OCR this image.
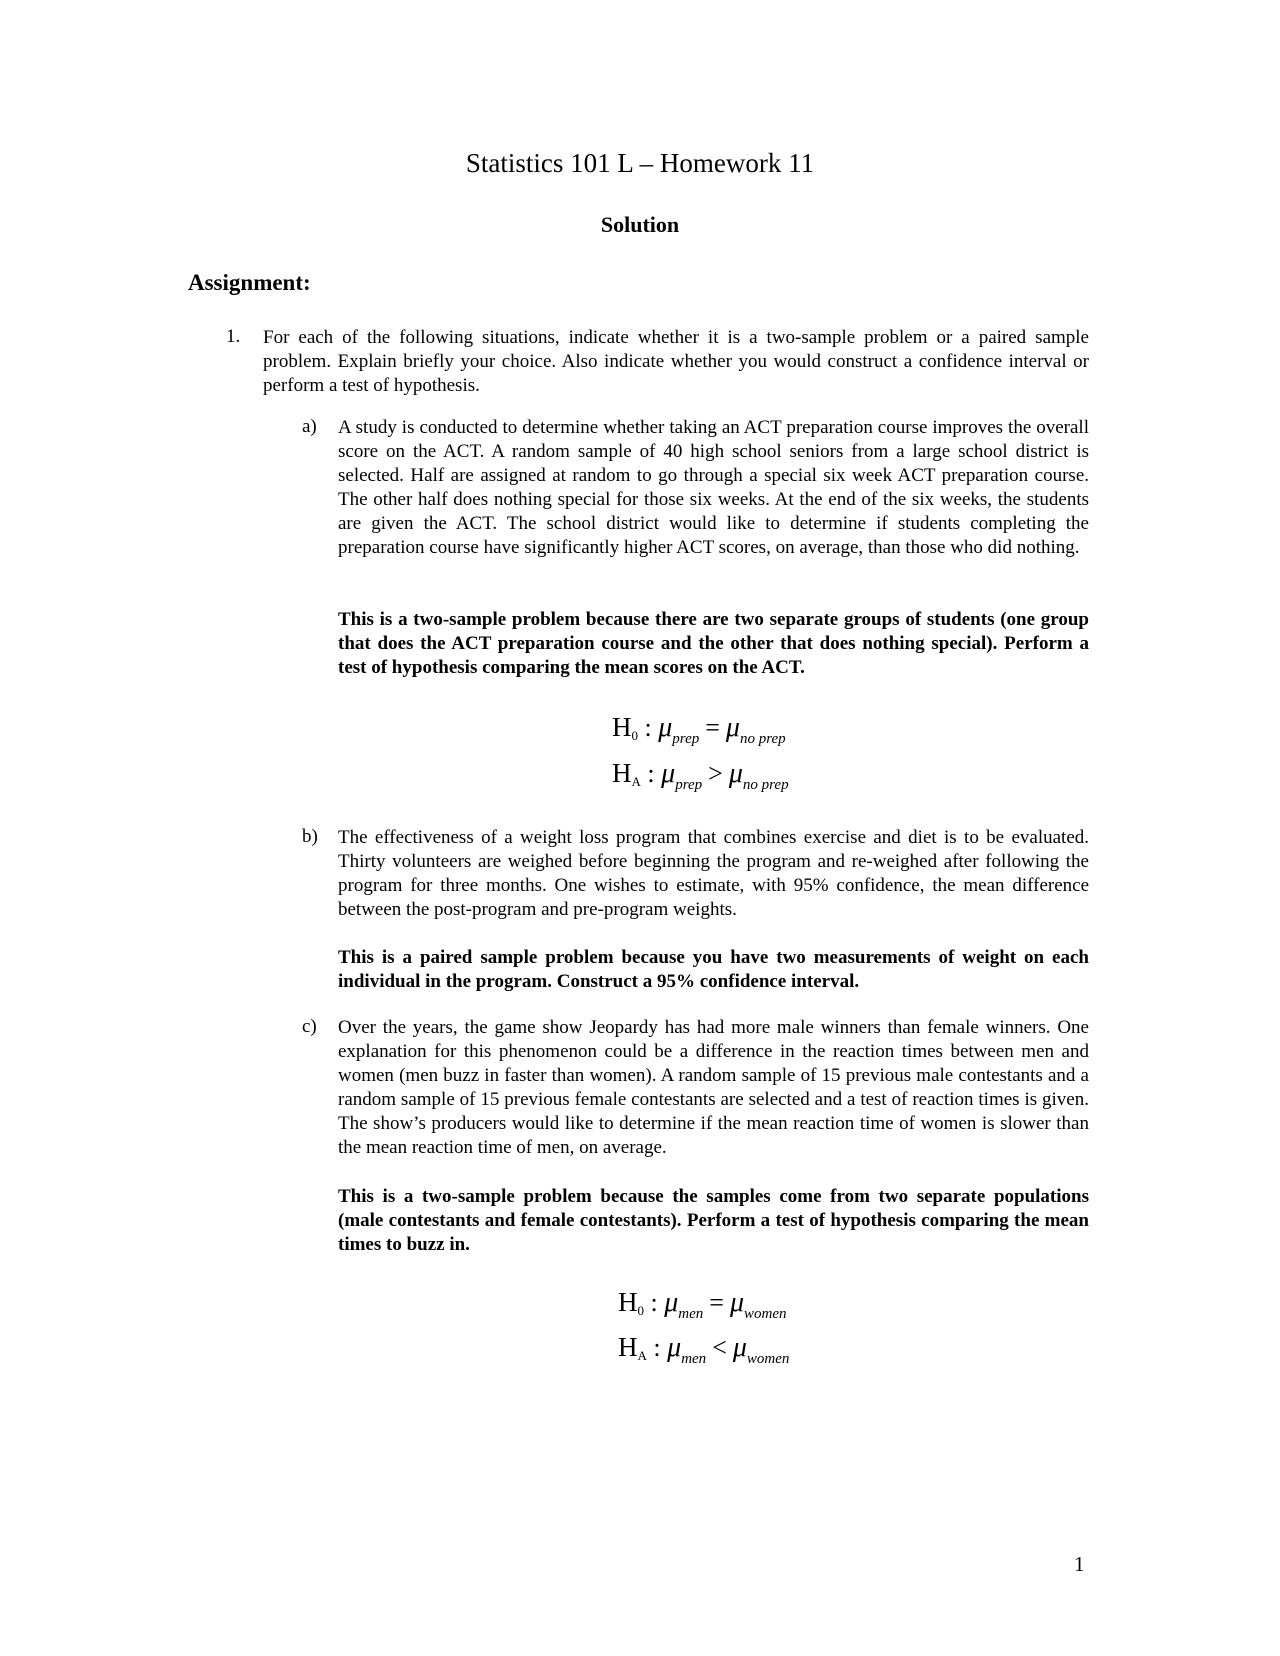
Statistics 101 L – Homework 11
Solution
Assignment:
1. For each of the following situations, indicate whether it is a two-sample problem or a paired sample problem. Explain briefly your choice. Also indicate whether you would construct a confidence interval or perform a test of hypothesis.
a) A study is conducted to determine whether taking an ACT preparation course improves the overall score on the ACT. A random sample of 40 high school seniors from a large school district is selected. Half are assigned at random to go through a special six week ACT preparation course. The other half does nothing special for those six weeks. At the end of the six weeks, the students are given the ACT. The school district would like to determine if students completing the preparation course have significantly higher ACT scores, on average, than those who did nothing.
This is a two-sample problem because there are two separate groups of students (one group that does the ACT preparation course and the other that does nothing special). Perform a test of hypothesis comparing the mean scores on the ACT.
H0 : $\mu_{prep} = \mu_{no prep}$
HA : $\mu_{prep} > \mu_{no prep}$
b) The effectiveness of a weight loss program that combines exercise and diet is to be evaluated. Thirty volunteers are weighed before beginning the program and re-weighed after following the program for three months. One wishes to estimate, with 95% confidence, the mean difference between the post-program and pre-program weights.
This is a paired sample problem because you have two measurements of weight on each individual in the program. Construct a 95% confidence interval.
c) Over the years, the game show Jeopardy has had more male winners than female winners. One explanation for this phenomenon could be a difference in the reaction times between men and women (men buzz in faster than women). A random sample of 15 previous male contestants and a random sample of 15 previous female contestants are selected and a test of reaction times is given. The show’s producers would like to determine if the mean reaction time of women is slower than the mean reaction time of men, on average.
This is a two-sample problem because the samples come from two separate populations (male contestants and female contestants). Perform a test of hypothesis comparing the mean times to buzz in.
H0 : $\mu_{men} = \mu_{women}$
HA : $\mu_{men} < \mu_{women}$
1
